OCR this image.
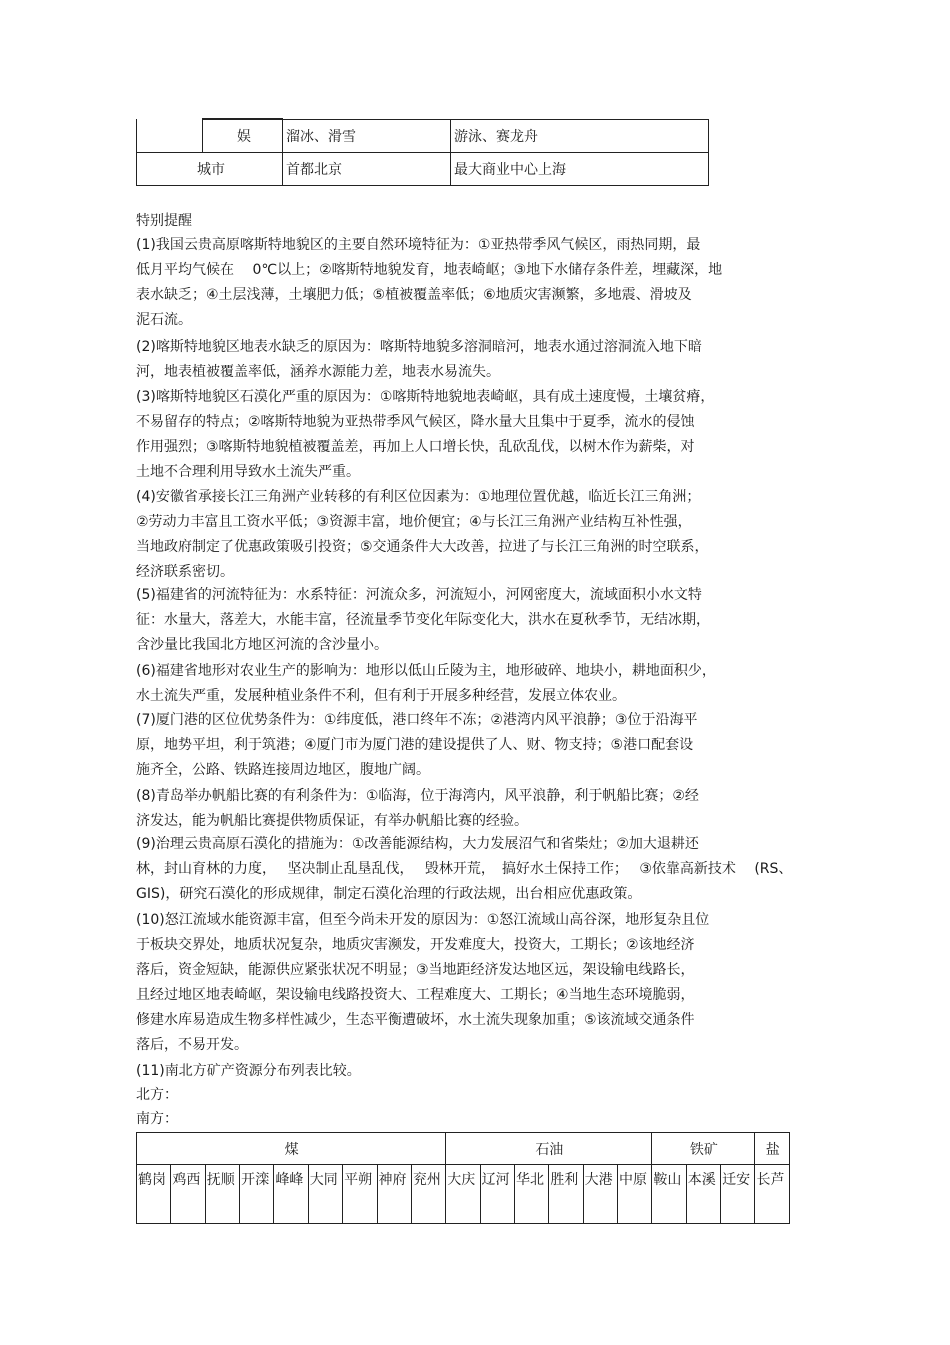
	娱	溜冰、滑雪	游泳、赛龙舟
城市		首都北京	最大商业中心上海
特别提醒
(1)我国云贵高原喀斯特地貌区的主要自然环境特征为：①亚热带季风气候区，雨热同期，最
低月平均气候在　 0℃以上；②喀斯特地貌发育，地表崎岖；③地下水储存条件差，埋藏深，地
表水缺乏；④土层浅薄，土壤肥力低；⑤植被覆盖率低；⑥地质灾害濒繁，多地震、滑坡及
泥石流。
(2)喀斯特地貌区地表水缺乏的原因为：喀斯特地貌多溶洞暗河，地表水通过溶洞流入地下暗
河，地表植被覆盖率低，涵养水源能力差，地表水易流失。
(3)喀斯特地貌区石漠化严重的原因为：①喀斯特地貌地表崎岖，具有成土速度慢，土壤贫瘠，
不易留存的特点；②喀斯特地貌为亚热带季风气候区，降水量大且集中于夏季，流水的侵蚀
作用强烈；③喀斯特地貌植被覆盖差，再加上人口增长快，乱砍乱伐，以树木作为薪柴，对
土地不合理利用导致水土流失严重。
(4)安徽省承接长江三角洲产业转移的有利区位因素为：①地理位置优越，临近长江三角洲；
②劳动力丰富且工资水平低；③资源丰富，地价便宜；④与长江三角洲产业结构互补性强，
当地政府制定了优惠政策吸引投资；⑤交通条件大大改善，拉进了与长江三角洲的时空联系，
经济联系密切。
(5)福建省的河流特征为：水系特征：河流众多，河流短小，河网密度大，流域面积小水文特
征：水量大，落差大，水能丰富，径流量季节变化年际变化大，洪水在夏秋季节，无结冰期，
含沙量比我国北方地区河流的含沙量小。
(6)福建省地形对农业生产的影响为：地形以低山丘陵为主，地形破碎、地块小，耕地面积少，
水土流失严重，发展种植业条件不利，但有利于开展多种经营，发展立体农业。
(7)厦门港的区位优势条件为：①纬度低，港口终年不冻；②港湾内风平浪静；③位于沿海平
原，地势平坦，利于筑港；④厦门市为厦门港的建设提供了人、财、物支持；⑤港口配套设
施齐全，公路、铁路连接周边地区，腹地广阔。
(8)青岛举办帆船比赛的有利条件为：①临海，位于海湾内，风平浪静，利于帆船比赛；②经
济发达，能为帆船比赛提供物质保证，有举办帆船比赛的经验。
(9)治理云贵高原石漠化的措施为：①改善能源结构，大力发展沼气和省柴灶；②加大退耕还
林，封山育林的力度，　 坚决制止乱垦乱伐，　 毁林开荒，　搞好水土保持工作；　 ③依靠高新技术　 (RS、
GIS)，研究石漠化的形成规律，制定石漠化治理的行政法规，出台相应优惠政策。
(10)怒江流域水能资源丰富，但至今尚未开发的原因为：①怒江流域山高谷深，地形复杂且位
于板块交界处，地质状况复杂，地质灾害濒发，开发难度大，投资大，工期长；②该地经济
落后，资金短缺，能源供应紧张状况不明显；③当地距经济发达地区远，架设输电线路长，
且经过地区地表崎岖，架设输电线路投资大、工程难度大、工期长；④当地生态环境脆弱，
修建水库易造成生物多样性减少，生态平衡遭破坏，水土流失现象加重；⑤该流域交通条件
落后，不易开发。
(11)南北方矿产资源分布列表比较。
北方：
南方：
煤									石油						铁矿			盐
鹤岗	鸡西	抚顺	开滦	峰峰	大同	平朔	神府	兖州	大庆	辽河	华北	胜利	大港	中原	鞍山	本溪	迁安	长芦
